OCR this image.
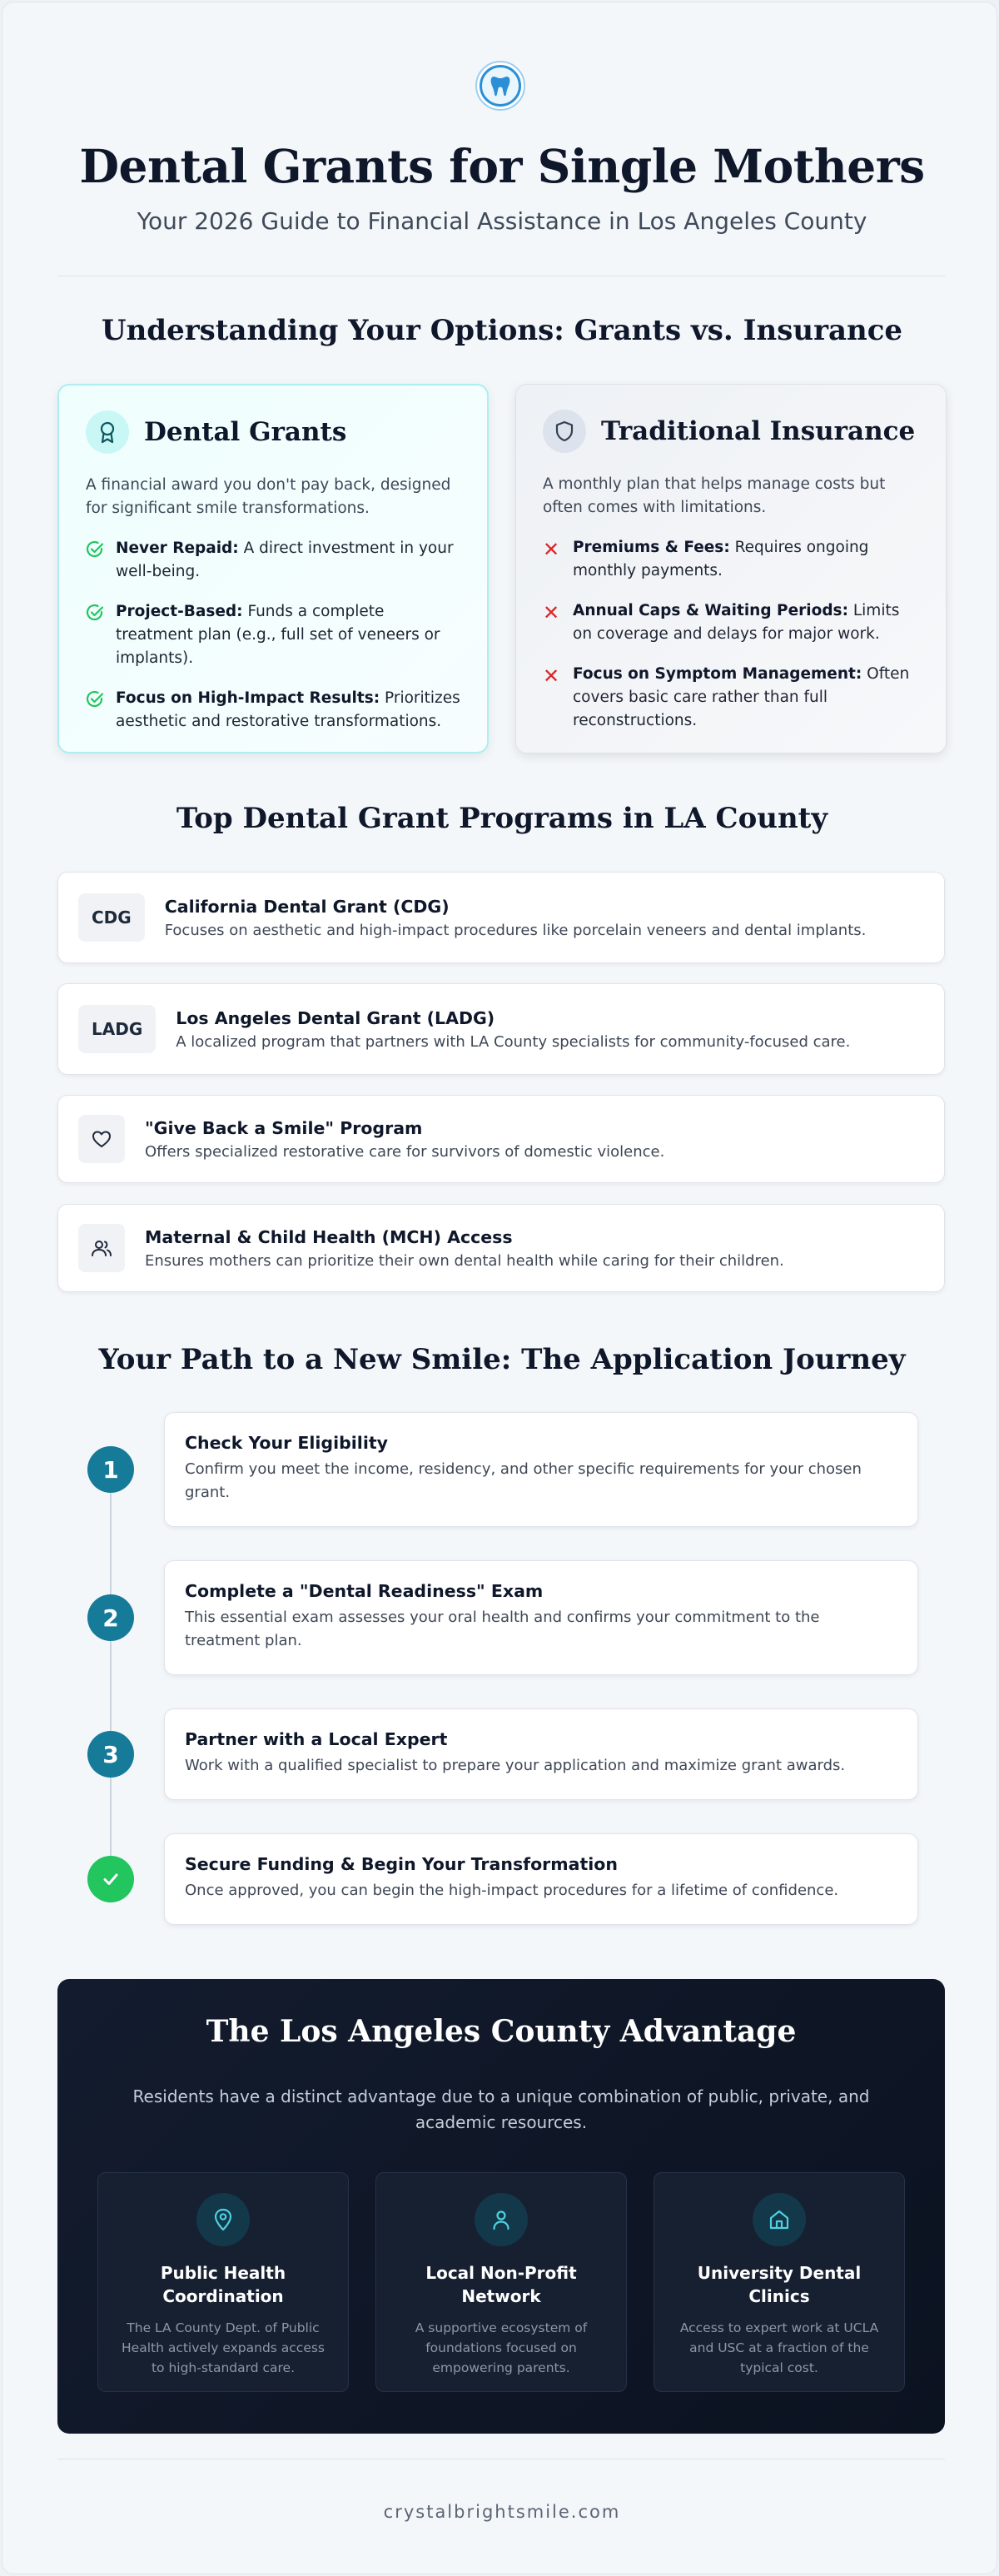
Dental Grants for Single Mothers
Your 2026 Guide to Financial Assistance in Los Angeles County
Understanding Your Options: Grants vs. Insurance
Dental Grants
A financial award you don't pay back, designed for significant smile transformations.
Never Repaid: A direct investment in your well-being.
Project-Based: Funds a complete treatment plan (e.g., full set of veneers or implants).
Focus on High-Impact Results: Prioritizes aesthetic and restorative transformations.
Traditional Insurance
A monthly plan that helps manage costs but often comes with limitations.
✕ Premiums & Fees: Requires ongoing monthly payments.
✕ Annual Caps & Waiting Periods: Limits on coverage and delays for major work.
✕ Focus on Symptom Management: Often covers basic care rather than full reconstructions.
Top Dental Grant Programs in LA County
CDG
California Dental Grant (CDG)
Focuses on aesthetic and high-impact procedures like porcelain veneers and dental implants.
LADG
Los Angeles Dental Grant (LADG)
A localized program that partners with LA County specialists for community-focused care.
"Give Back a Smile" Program
Offers specialized restorative care for survivors of domestic violence.
Maternal & Child Health (MCH) Access
Ensures mothers can prioritize their own dental health while caring for their children.
Your Path to a New Smile: The Application Journey
1
Check Your Eligibility
Confirm you meet the income, residency, and other specific requirements for your chosen grant.
2
Complete a "Dental Readiness" Exam
This essential exam assesses your oral health and confirms your commitment to the treatment plan.
3
Partner with a Local Expert
Work with a qualified specialist to prepare your application and maximize grant awards.
Secure Funding & Begin Your Transformation
Once approved, you can begin the high-impact procedures for a lifetime of confidence.
The Los Angeles County Advantage
Residents have a distinct advantage due to a unique combination of public, private, and academic resources.
Public Health Coordination
The LA County Dept. of Public Health actively expands access to high-standard care.
Local Non-Profit Network
A supportive ecosystem of foundations focused on empowering parents.
University Dental Clinics
Access to expert work at UCLA and USC at a fraction of the typical cost.
crystalbrightsmile.com
